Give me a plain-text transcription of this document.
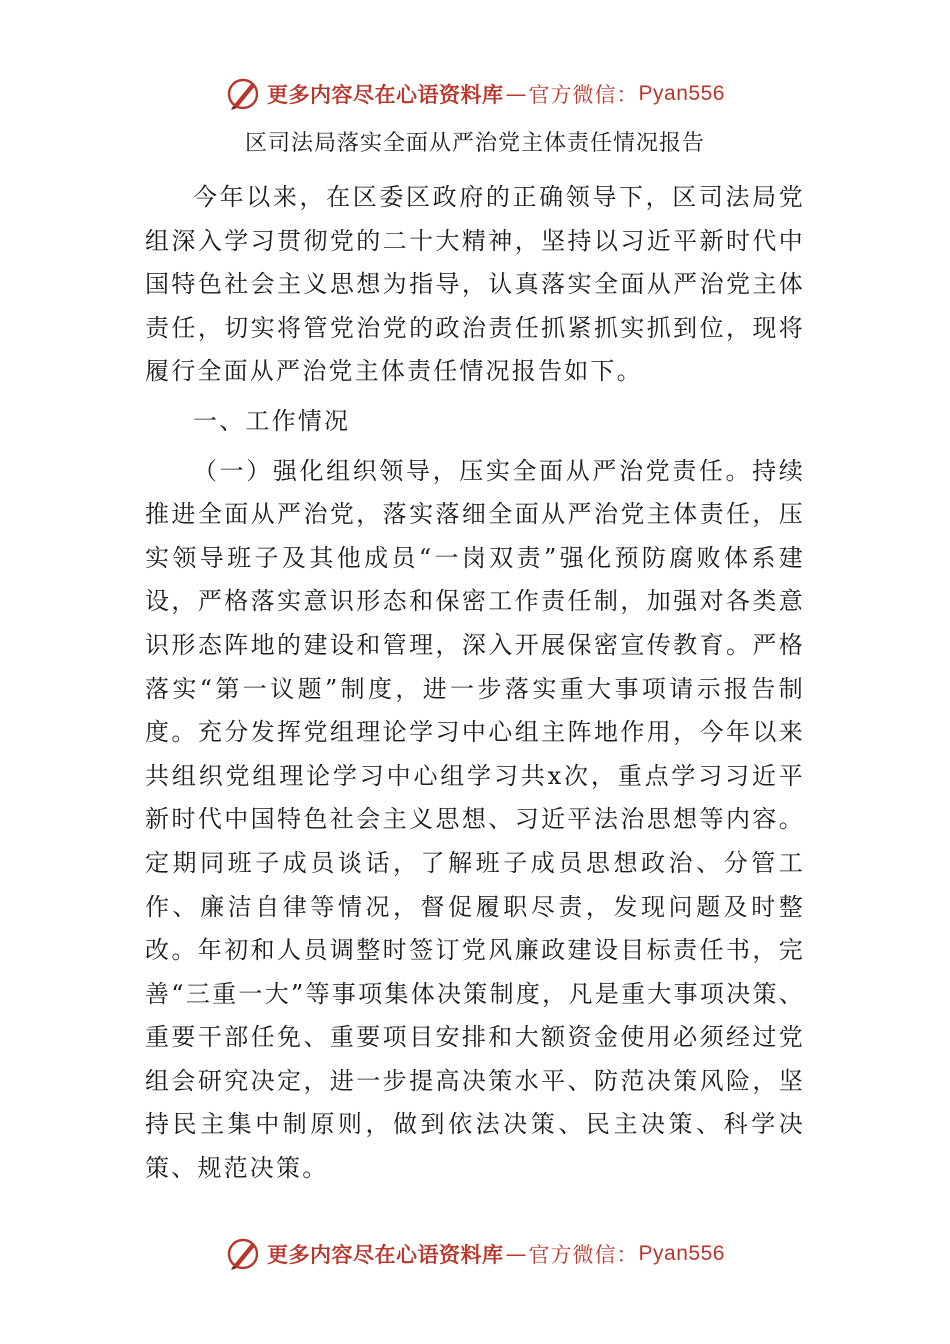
更多内容尽在心语资料库 — 官方微信： Pyan556
区司法局落实全面从严治党主体责任情况报告

今年以来，在区委区政府的正确领导下，区司法局党组深入学习贯彻党的二十大精神，坚持以习近平新时代中国特色社会主义思想为指导，认真落实全面从严治党主体责任，切实将管党治党的政治责任抓紧抓实抓到位，现将履行全面从严治党主体责任情况报告如下。

一、工作情况

（一）强化组织领导，压实全面从严治党责任。持续推进全面从严治党，落实落细全面从严治党主体责任，压实领导班子及其他成员“一岗双责”强化预防腐败体系建设，严格落实意识形态和保密工作责任制，加强对各类意识形态阵地的建设和管理，深入开展保密宣传教育。严格落实“第一议题”制度，进一步落实重大事项请示报告制度。充分发挥党组理论学习中心组主阵地作用，今年以来共组织党组理论学习中心组学习共x次，重点学习习近平新时代中国特色社会主义思想、习近平法治思想等内容。定期同班子成员谈话，了解班子成员思想政治、分管工作、廉洁自律等情况，督促履职尽责，发现问题及时整改。年初和人员调整时签订党风廉政建设目标责任书，完善“三重一大”等事项集体决策制度，凡是重大事项决策、重要干部任免、重要项目安排和大额资金使用必须经过党组会研究决定，进一步提高决策水平、防范决策风险，坚持民主集中制原则，做到依法决策、民主决策、科学决策、规范决策。

更多内容尽在心语资料库 — 官方微信： Pyan556
